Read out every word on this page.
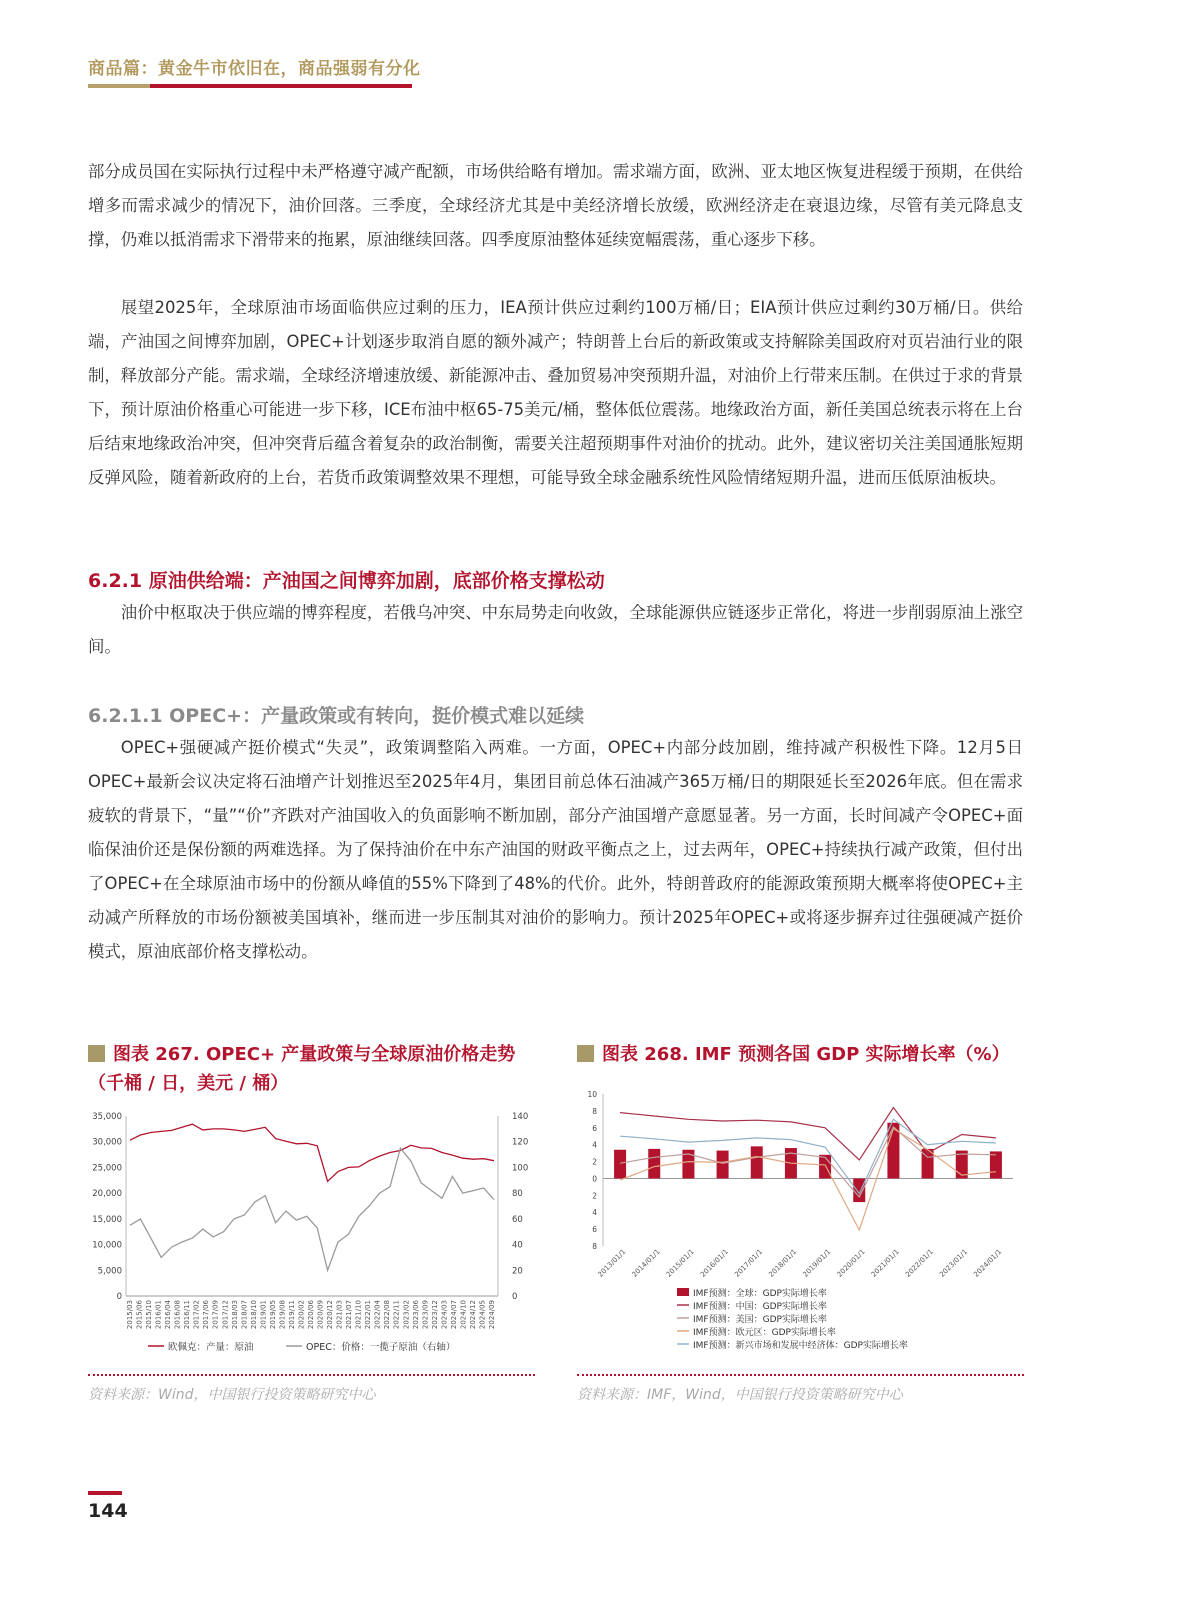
商品篇：黄金牛市依旧在，商品强弱有分化

部分成员国在实际执行过程中未严格遵守减产配额，市场供给略有增加。需求端方面，欧洲、亚太地区恢复进程缓于预期，在供给增多而需求减少的情况下，油价回落。三季度，全球经济尤其是中美经济增长放缓，欧洲经济走在衰退边缘，尽管有美元降息支撑，仍难以抵消需求下滑带来的拖累，原油继续回落。四季度原油整体延续宽幅震荡，重心逐步下移。

展望2025年，全球原油市场面临供应过剩的压力，IEA预计供应过剩约100万桶/日；EIA预计供应过剩约30万桶/日。供给端，产油国之间博弈加剧，OPEC+计划逐步取消自愿的额外减产；特朗普上台后的新政策或支持解除美国政府对页岩油行业的限制，释放部分产能。需求端，全球经济增速放缓、新能源冲击、叠加贸易冲突预期升温，对油价上行带来压制。在供过于求的背景下，预计原油价格重心可能进一步下移，ICE布油中枢65-75美元/桶，整体低位震荡。地缘政治方面，新任美国总统表示将在上台后结束地缘政治冲突，但冲突背后蕴含着复杂的政治制衡，需要关注超预期事件对油价的扰动。此外，建议密切关注美国通胀短期反弹风险，随着新政府的上台，若货币政策调整效果不理想，可能导致全球金融系统性风险情绪短期升温，进而压低原油板块。

6.2.1 原油供给端：产油国之间博弈加剧，底部价格支撑松动

油价中枢取决于供应端的博弈程度，若俄乌冲突、中东局势走向收敛，全球能源供应链逐步正常化，将进一步削弱原油上涨空间。

6.2.1.1 OPEC+：产量政策或有转向，挺价模式难以延续

OPEC+强硬减产挺价模式“失灵”，政策调整陷入两难。一方面，OPEC+内部分歧加剧，维持减产积极性下降。12月5日OPEC+最新会议决定将石油增产计划推迟至2025年4月，集团目前总体石油减产365万桶/日的期限延长至2026年底。但在需求疲软的背景下，“量”“价”齐跌对产油国收入的负面影响不断加剧，部分产油国增产意愿显著。另一方面，长时间减产令OPEC+面临保油价还是保份额的两难选择。为了保持油价在中东产油国的财政平衡点之上，过去两年，OPEC+持续执行减产政策，但付出了OPEC+在全球原油市场中的份额从峰值的55%下降到了48%的代价。此外，特朗普政府的能源政策预期大概率将使OPEC+主动减产所释放的市场份额被美国填补，继而进一步压制其对油价的影响力。预计2025年OPEC+或将逐步摒弃过往强硬减产挺价模式，原油底部价格支撑松动。

图表 267. OPEC+ 产量政策与全球原油价格走势（千桶 / 日，美元 / 桶）
图表 268. IMF 预测各国 GDP 实际增长率（%）
0
5,000
10,000
15,000
20,000
25,000
30,000
35,000
0
20
40
60
80
100
120
140
2015/03 2015/06 2015/10 2016/01 2016/04 2016/08 2016/11 2017/02 2017/06 2017/09 2017/12 2018/03 2018/07 2018/10 2019/01 2019/05 2019/08 2019/11 2020/02 2020/06 2020/09 2020/12 2021/03 2021/07 2021/10 2022/01 2022/04 2022/08 2022/11 2023/02 2023/06 2023/09 2023/12 2024/03 2024/07 2024/10 2024/12 2024/05 2024/09
欧佩克：产量：原油	OPEC：价格：一揽子原油（右轴）
10
8
6
4
2
0
2
4
6
8
2013/01/1 2014/01/1 2015/01/1 2016/01/1 2017/01/1 2018/01/1 2019/01/1 2020/01/1 2021/01/1 2022/01/1 2023/01/1 2024/01/1
IMF预测：全球：GDP实际增长率
IMF预测：中国：GDP实际增长率
IMF预测：美国：GDP实际增长率
IMF预测：欧元区：GDP实际增长率
IMF预测：新兴市场和发展中经济体：GDP实际增长率
资料来源：Wind，中国银行投资策略研究中心	资料来源：IMF，Wind，中国银行投资策略研究中心
144
